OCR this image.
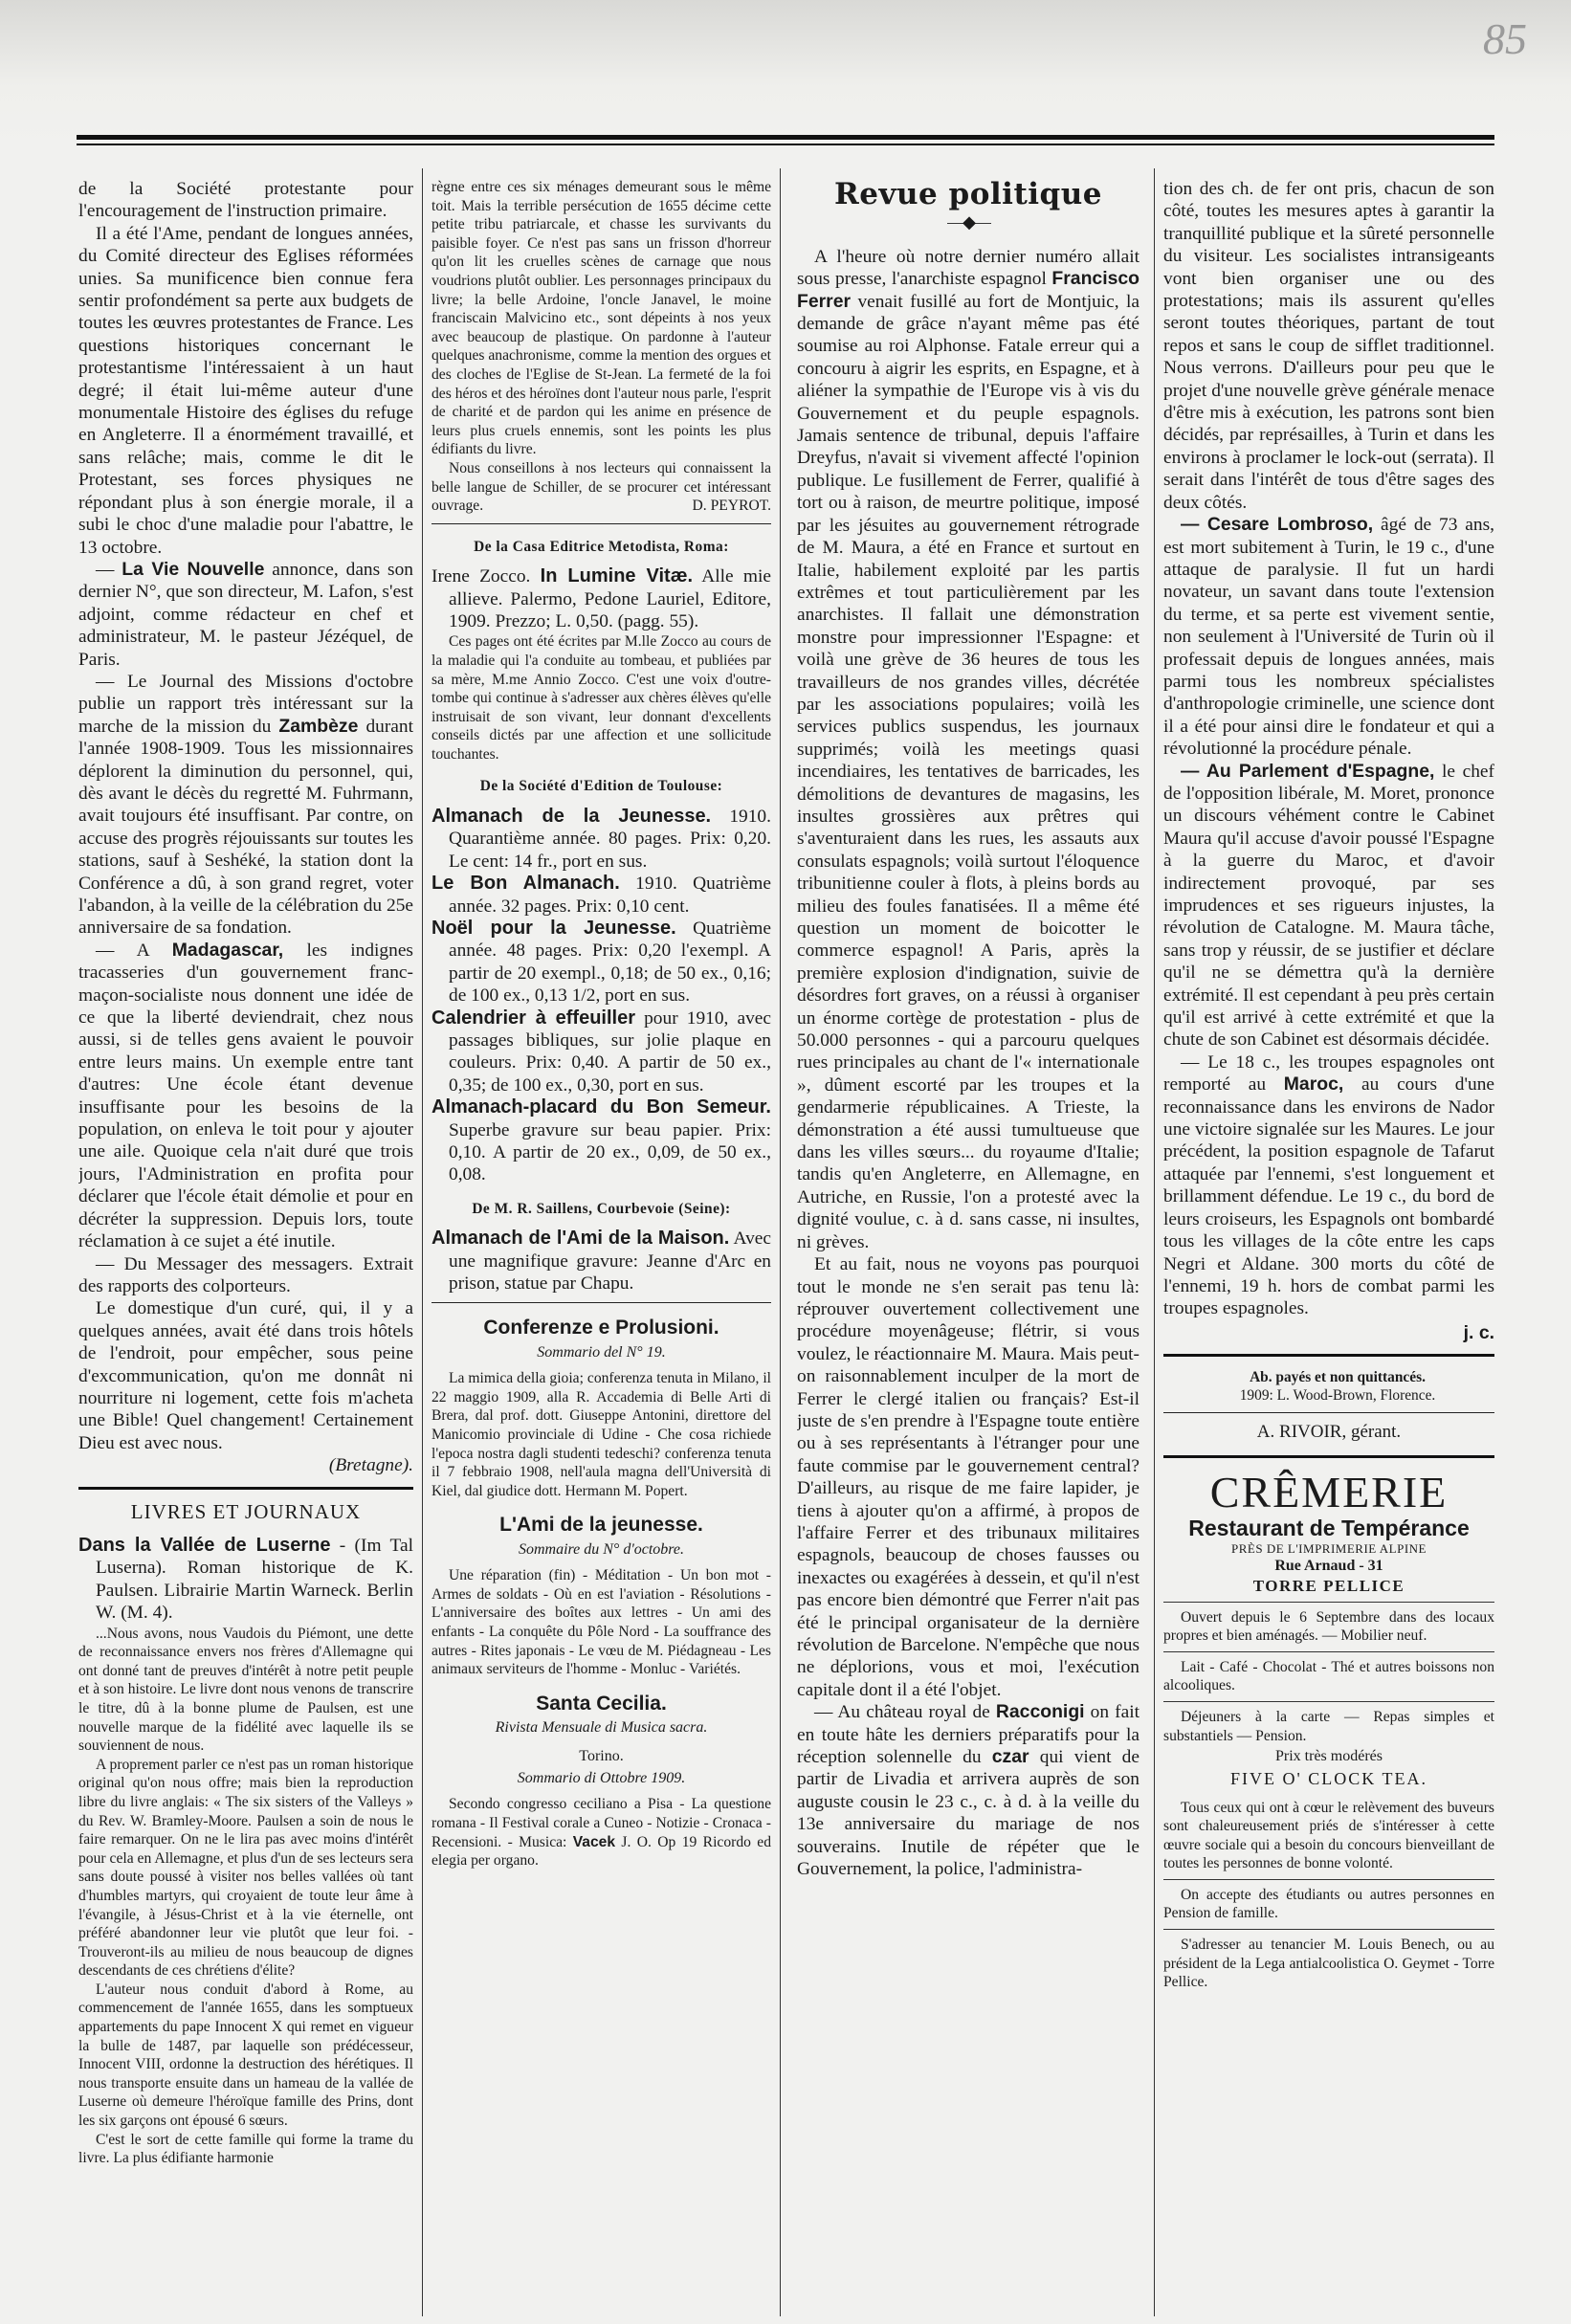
85

de la Société protestante pour l'encouragement de l'instruction primaire.

Il a été l'Ame, pendant de longues années, du Comité directeur des Eglises réformées unies. Sa munificence bien connue fera sentir profondément sa perte aux budgets de toutes les œuvres protestantes de France. Les questions historiques concernant le protestantisme l'intéressaient à un haut degré; il était lui-même auteur d'une monumentale Histoire des églises du refuge en Angleterre. Il a énormément travaillé, et sans relâche; mais, comme le dit le Protestant, ses forces physiques ne répondant plus à son énergie morale, il a subi le choc d'une maladie pour l'abattre, le 13 octobre.

— La Vie Nouvelle annonce, dans son dernier N°, que son directeur, M. Lafon, s'est adjoint, comme rédacteur en chef et administrateur, M. le pasteur Jézéquel, de Paris.

— Le Journal des Missions d'octobre publie un rapport très intéressant sur la marche de la mission du Zambèze durant l'année 1908-1909. Tous les missionnaires déplorent la diminution du personnel, qui, dès avant le décès du regretté M. Fuhrmann, avait toujours été insuffisant. Par contre, on accuse des progrès réjouissants sur toutes les stations, sauf à Seshéké, la station dont la Conférence a dû, à son grand regret, voter l'abandon, à la veille de la célébration du 25e anniversaire de sa fondation.

— A Madagascar, les indignes tracasseries d'un gouvernement franc-maçon-socialiste nous donnent une idée de ce que la liberté deviendrait, chez nous aussi, si de telles gens avaient le pouvoir entre leurs mains. Un exemple entre tant d'autres: Une école étant devenue insuffisante pour les besoins de la population, on enleva le toit pour y ajouter une aile. Quoique cela n'ait duré que trois jours, l'Administration en profita pour déclarer que l'école était démolie et pour en décréter la suppression. Depuis lors, toute réclamation à ce sujet a été inutile.

— Du Messager des messagers. Extrait des rapports des colporteurs.

Le domestique d'un curé, qui, il y a quelques années, avait été dans trois hôtels de l'endroit, pour empêcher, sous peine d'excommunication, qu'on me donnât ni nourriture ni logement, cette fois m'acheta une Bible! Quel changement! Certainement Dieu est avec nous.

(Bretagne).

LIVRES ET JOURNAUX

Dans la Vallée de Luserne - (Im Tal Luserna). Roman historique de K. Paulsen. Librairie Martin Warneck. Berlin W. (M. 4).

...Nous avons, nous Vaudois du Piémont, une dette de reconnaissance envers nos frères d'Allemagne qui ont donné tant de preuves d'intérêt à notre petit peuple et à son histoire. Le livre dont nous venons de transcrire le titre, dû à la bonne plume de Paulsen, est une nouvelle marque de la fidélité avec laquelle ils se souviennent de nous.

A proprement parler ce n'est pas un roman historique original qu'on nous offre; mais bien la reproduction libre du livre anglais: « The six sisters of the Valleys » du Rev. W. Bramley-Moore. Paulsen a soin de nous le faire remarquer. On ne le lira pas avec moins d'intérêt pour cela en Allemagne, et plus d'un de ses lecteurs sera sans doute poussé à visiter nos belles vallées où tant d'humbles martyrs, qui croyaient de toute leur âme à l'évangile, à Jésus-Christ et à la vie éternelle, ont préféré abandonner leur vie plutôt que leur foi. - Trouveront-ils au milieu de nous beaucoup de dignes descendants de ces chrétiens d'élite?

L'auteur nous conduit d'abord à Rome, au commencement de l'année 1655, dans les somptueux appartements du pape Innocent X qui remet en vigueur la bulle de 1487, par laquelle son prédécesseur, Innocent VIII, ordonne la destruction des hérétiques. Il nous transporte ensuite dans un hameau de la vallée de Luserne où demeure l'héroïque famille des Prins, dont les six garçons ont épousé 6 sœurs.

C'est le sort de cette famille qui forme la trame du livre. La plus édifiante harmonie

règne entre ces six ménages demeurant sous le même toit. Mais la terrible persécution de 1655 décime cette petite tribu patriarcale, et chasse les survivants du paisible foyer. Ce n'est pas sans un frisson d'horreur qu'on lit les cruelles scènes de carnage que nous voudrions plutôt oublier. Les personnages principaux du livre; la belle Ardoine, l'oncle Janavel, le moine franciscain Malvicino etc., sont dépeints à nos yeux avec beaucoup de plastique. On pardonne à l'auteur quelques anachronisme, comme la mention des orgues et des cloches de l'Eglise de St-Jean. La fermeté de la foi des héros et des héroïnes dont l'auteur nous parle, l'esprit de charité et de pardon qui les anime en présence de leurs plus cruels ennemis, sont les points les plus édifiants du livre.

Nous conseillons à nos lecteurs qui connaissent la belle langue de Schiller, de se procurer cet intéressant ouvrage.	D. PEYROT.

De la Casa Editrice Metodista, Roma:

Irene Zocco. In Lumine Vitæ. Alle mie allieve. Palermo, Pedone Lauriel, Editore, 1909. Prezzo; L. 0,50. (pagg. 55).

Ces pages ont été écrites par M.lle Zocco au cours de la maladie qui l'a conduite au tombeau, et publiées par sa mère, M.me Annio Zocco. C'est une voix d'outre-tombe qui continue à s'adresser aux chères élèves qu'elle instruisait de son vivant, leur donnant d'excellents conseils dictés par une affection et une sollicitude touchantes.

De la Société d'Edition de Toulouse:

Almanach de la Jeunesse. 1910. Quarantième année. 80 pages. Prix: 0,20. Le cent: 14 fr., port en sus.

Le Bon Almanach. 1910. Quatrième année. 32 pages. Prix: 0,10 cent.

Noël pour la Jeunesse. Quatrième année. 48 pages. Prix: 0,20 l'exempl. A partir de 20 exempl., 0,18; de 50 ex., 0,16; de 100 ex., 0,13 1/2, port en sus.

Calendrier à effeuiller pour 1910, avec passages bibliques, sur jolie plaque en couleurs. Prix: 0,40. A partir de 50 ex., 0,35; de 100 ex., 0,30, port en sus.

Almanach-placard du Bon Semeur. Superbe gravure sur beau papier. Prix: 0,10. A partir de 20 ex., 0,09, de 50 ex., 0,08.

De M. R. Saillens, Courbevoie (Seine):

Almanach de l'Ami de la Maison. Avec une magnifique gravure: Jeanne d'Arc en prison, statue par Chapu.

Conferenze e Prolusioni.
Sommario del N° 19.

La mimica della gioia; conferenza tenuta in Milano, il 22 maggio 1909, alla R. Accademia di Belle Arti di Brera, dal prof. dott. Giuseppe Antonini, direttore del Manicomio provinciale di Udine - Che cosa richiede l'epoca nostra dagli studenti tedeschi? conferenza tenuta il 7 febbraio 1908, nell'aula magna dell'Università di Kiel, dal giudice dott. Hermann M. Popert.

L'Ami de la jeunesse.
Sommaire du N° d'octobre.

Une réparation (fin) - Méditation - Un bon mot - Armes de soldats - Où en est l'aviation - Résolutions - L'anniversaire des boîtes aux lettres - Un ami des enfants - La conquête du Pôle Nord - La souffrance des autres - Rites japonais - Le vœu de M. Piédagneau - Les animaux serviteurs de l'homme - Monluc - Variétés.

Santa Cecilia.
Rivista Mensuale di Musica sacra.
Torino.
Sommario di Ottobre 1909.

Secondo congresso ceciliano a Pisa - La questione romana - Il Festival corale a Cuneo - Notizie - Cronaca - Recensioni. - Musica: Vacek J. O. Op 19 Ricordo ed elegia per organo.

Revue politique
—◆—

A l'heure où notre dernier numéro allait sous presse, l'anarchiste espagnol Francisco Ferrer venait fusillé au fort de Montjuic, la demande de grâce n'ayant même pas été soumise au roi Alphonse. Fatale erreur qui a concouru à aigrir les esprits, en Espagne, et à aliéner la sympathie de l'Europe vis à vis du Gouvernement et du peuple espagnols. Jamais sentence de tribunal, depuis l'affaire Dreyfus, n'avait si vivement affecté l'opinion publique. Le fusillement de Ferrer, qualifié à tort ou à raison, de meurtre politique, imposé par les jésuites au gouvernement rétrograde de M. Maura, a été en France et surtout en Italie, habilement exploité par les partis extrêmes et tout particulièrement par les anarchistes. Il fallait une démonstration monstre pour impressionner l'Espagne: et voilà une grève de 36 heures de tous les travailleurs de nos grandes villes, décrétée par les associations populaires; voilà les services publics suspendus, les journaux supprimés; voilà les meetings quasi incendiaires, les tentatives de barricades, les démolitions de devantures de magasins, les insultes grossières aux prêtres qui s'aventuraient dans les rues, les assauts aux consulats espagnols; voilà surtout l'éloquence tribunitienne couler à flots, à pleins bords au milieu des foules fanatisées. Il a même été question un moment de boicotter le commerce espagnol! A Paris, après la première explosion d'indignation, suivie de désordres fort graves, on a réussi à organiser un énorme cortège de protestation - plus de 50.000 personnes - qui a parcouru quelques rues principales au chant de l'« internationale », dûment escorté par les troupes et la gendarmerie républicaines. A Trieste, la démonstration a été aussi tumultueuse que dans les villes sœurs... du royaume d'Italie; tandis qu'en Angleterre, en Allemagne, en Autriche, en Russie, l'on a protesté avec la dignité voulue, c. à d. sans casse, ni insultes, ni grèves.

Et au fait, nous ne voyons pas pourquoi tout le monde ne s'en serait pas tenu là: réprouver ouvertement collectivement une procédure moyenâgeuse; flétrir, si vous voulez, le réactionnaire M. Maura. Mais peut-on raisonnablement inculper de la mort de Ferrer le clergé italien ou français? Est-il juste de s'en prendre à l'Espagne toute entière ou à ses représentants à l'étranger pour une faute commise par le gouvernement central? D'ailleurs, au risque de me faire lapider, je tiens à ajouter qu'on a affirmé, à propos de l'affaire Ferrer et des tribunaux militaires espagnols, beaucoup de choses fausses ou inexactes ou exagérées à dessein, et qu'il n'est pas encore bien démontré que Ferrer n'ait pas été le principal organisateur de la dernière révolution de Barcelone. N'empêche que nous ne déplorions, vous et moi, l'exécution capitale dont il a été l'objet.

— Au château royal de Racconigi on fait en toute hâte les derniers préparatifs pour la réception solennelle du czar qui vient de partir de Livadia et arrivera auprès de son auguste cousin le 23 c., c. à d. à la veille du 13e anniversaire du mariage de nos souverains. Inutile de répéter que le Gouvernement, la police, l'administra-

tion des ch. de fer ont pris, chacun de son côté, toutes les mesures aptes à garantir la tranquillité publique et la sûreté personnelle du visiteur. Les socialistes intransigeants vont bien organiser une ou des protestations; mais ils assurent qu'elles seront toutes théoriques, partant de tout repos et sans le coup de sifflet traditionnel. Nous verrons. D'ailleurs pour peu que le projet d'une nouvelle grève générale menace d'être mis à exécution, les patrons sont bien décidés, par représailles, à Turin et dans les environs à proclamer le lock-out (serrata). Il serait dans l'intérêt de tous d'être sages des deux côtés.

— Cesare Lombroso, âgé de 73 ans, est mort subitement à Turin, le 19 c., d'une attaque de paralysie. Il fut un hardi novateur, un savant dans toute l'extension du terme, et sa perte est vivement sentie, non seulement à l'Université de Turin où il professait depuis de longues années, mais parmi tous les nombreux spécialistes d'anthropologie criminelle, une science dont il a été pour ainsi dire le fondateur et qui a révolutionné la procédure pénale.

— Au Parlement d'Espagne, le chef de l'opposition libérale, M. Moret, prononce un discours véhément contre le Cabinet Maura qu'il accuse d'avoir poussé l'Espagne à la guerre du Maroc, et d'avoir indirectement provoqué, par ses imprudences et ses rigueurs injustes, la révolution de Catalogne. M. Maura tâche, sans trop y réussir, de se justifier et déclare qu'il ne se démettra qu'à la dernière extrémité. Il est cependant à peu près certain qu'il est arrivé à cette extrémité et que la chute de son Cabinet est désormais décidée.

— Le 18 c., les troupes espagnoles ont remporté au Maroc, au cours d'une reconnaissance dans les environs de Nador une victoire signalée sur les Maures. Le jour précédent, la position espagnole de Tafarut attaquée par l'ennemi, s'est longuement et brillamment défendue. Le 19 c., du bord de leurs croiseurs, les Espagnols ont bombardé tous les villages de la côte entre les caps Negri et Aldane. 300 morts du côté de l'ennemi, 19 h. hors de combat parmi les troupes espagnoles.

j. c.

Ab. payés et non quittancés.

1909: L. Wood-Brown, Florence.

A. RIVOIR, gérant.
CRÊMERIE
Restaurant de Tempérance
PRÈS DE L'IMPRIMERIE ALPINE
Rue Arnaud - 31
TORRE PELLICE

Ouvert depuis le 6 Septembre dans des locaux propres et bien aménagés. — Mobilier neuf.

Lait - Café - Chocolat - Thé et autres boissons non alcooliques.

Déjeuners à la carte — Repas simples et substantiels — Pension.

Prix très modérés
FIVE O' CLOCK TEA.

Tous ceux qui ont à cœur le relèvement des buveurs sont chaleureusement priés de s'intéresser à cette œuvre sociale qui a besoin du concours bienveillant de toutes les personnes de bonne volonté.

On accepte des étudiants ou autres personnes en Pension de famille.

S'adresser au tenancier M. Louis Benech, ou au président de la Lega antialcoolistica O. Geymet - Torre Pellice.
